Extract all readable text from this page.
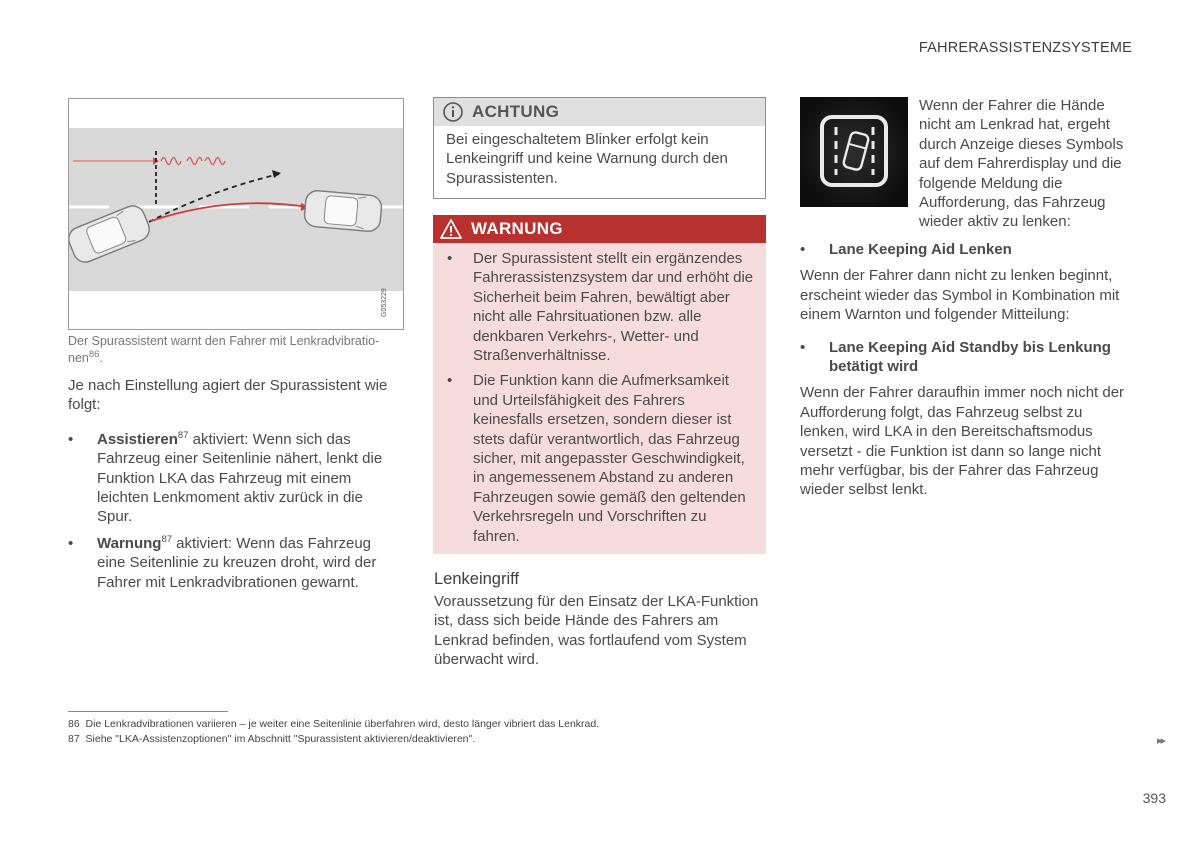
FAHRERASSISTENZSYSTEME
G053229
Der Spurassistent warnt den Fahrer mit Lenkradvibratio-nen$^{86}$.

Je nach Einstellung agiert der Spurassistent wie folgt:

• Assistieren$^{87}$ aktiviert: Wenn sich das Fahrzeug einer Seitenlinie nähert, lenkt die Funktion LKA das Fahrzeug mit einem leichten Lenkmoment aktiv zurück in die Spur.
• Warnung$^{87}$ aktiviert: Wenn das Fahrzeug eine Seitenlinie zu kreuzen droht, wird der Fahrer mit Lenkradvibrationen gewarnt.
ACHTUNG
Bei eingeschaltetem Blinker erfolgt kein Lenkeingriff und keine Warnung durch den Spurassistenten.
WARNUNG
• Der Spurassistent stellt ein ergänzendes Fahrerassistenzsystem dar und erhöht die Sicherheit beim Fahren, bewältigt aber nicht alle Fahrsituationen bzw. alle denkbaren Verkehrs-, Wetter- und Straßenverhältnisse.
• Die Funktion kann die Aufmerksamkeit und Urteilsfähigkeit des Fahrers keinesfalls ersetzen, sondern dieser ist stets dafür verantwortlich, das Fahrzeug sicher, mit angepasster Geschwindigkeit, in angemessenem Abstand zu anderen Fahrzeugen sowie gemäß den geltenden Verkehrsregeln und Vorschriften zu fahren.
Lenkeingriff
Voraussetzung für den Einsatz der LKA-Funktion ist, dass sich beide Hände des Fahrers am Lenkrad befinden, was fortlaufend vom System überwacht wird.
Wenn der Fahrer die Hände nicht am Lenkrad hat, ergeht durch Anzeige dieses Symbols auf dem Fahrerdisplay und die folgende Meldung die Aufforderung, das Fahrzeug wieder aktiv zu lenken:
• Lane Keeping Aid Lenken

Wenn der Fahrer dann nicht zu lenken beginnt, erscheint wieder das Symbol in Kombination mit einem Warnton und folgender Mitteilung:

• Lane Keeping Aid Standby bis Lenkung betätigt wird

Wenn der Fahrer daraufhin immer noch nicht der Aufforderung folgt, das Fahrzeug selbst zu lenken, wird LKA in den Bereitschaftsmodus versetzt - die Funktion ist dann so lange nicht mehr verfügbar, bis der Fahrer das Fahrzeug wieder selbst lenkt.

86 Die Lenkradvibrationen variieren – je weiter eine Seitenlinie überfahren wird, desto länger vibriert das Lenkrad.
87 Siehe "LKA-Assistenzoptionen" im Abschnitt "Spurassistent aktivieren/deaktivieren".	▸▸
393
